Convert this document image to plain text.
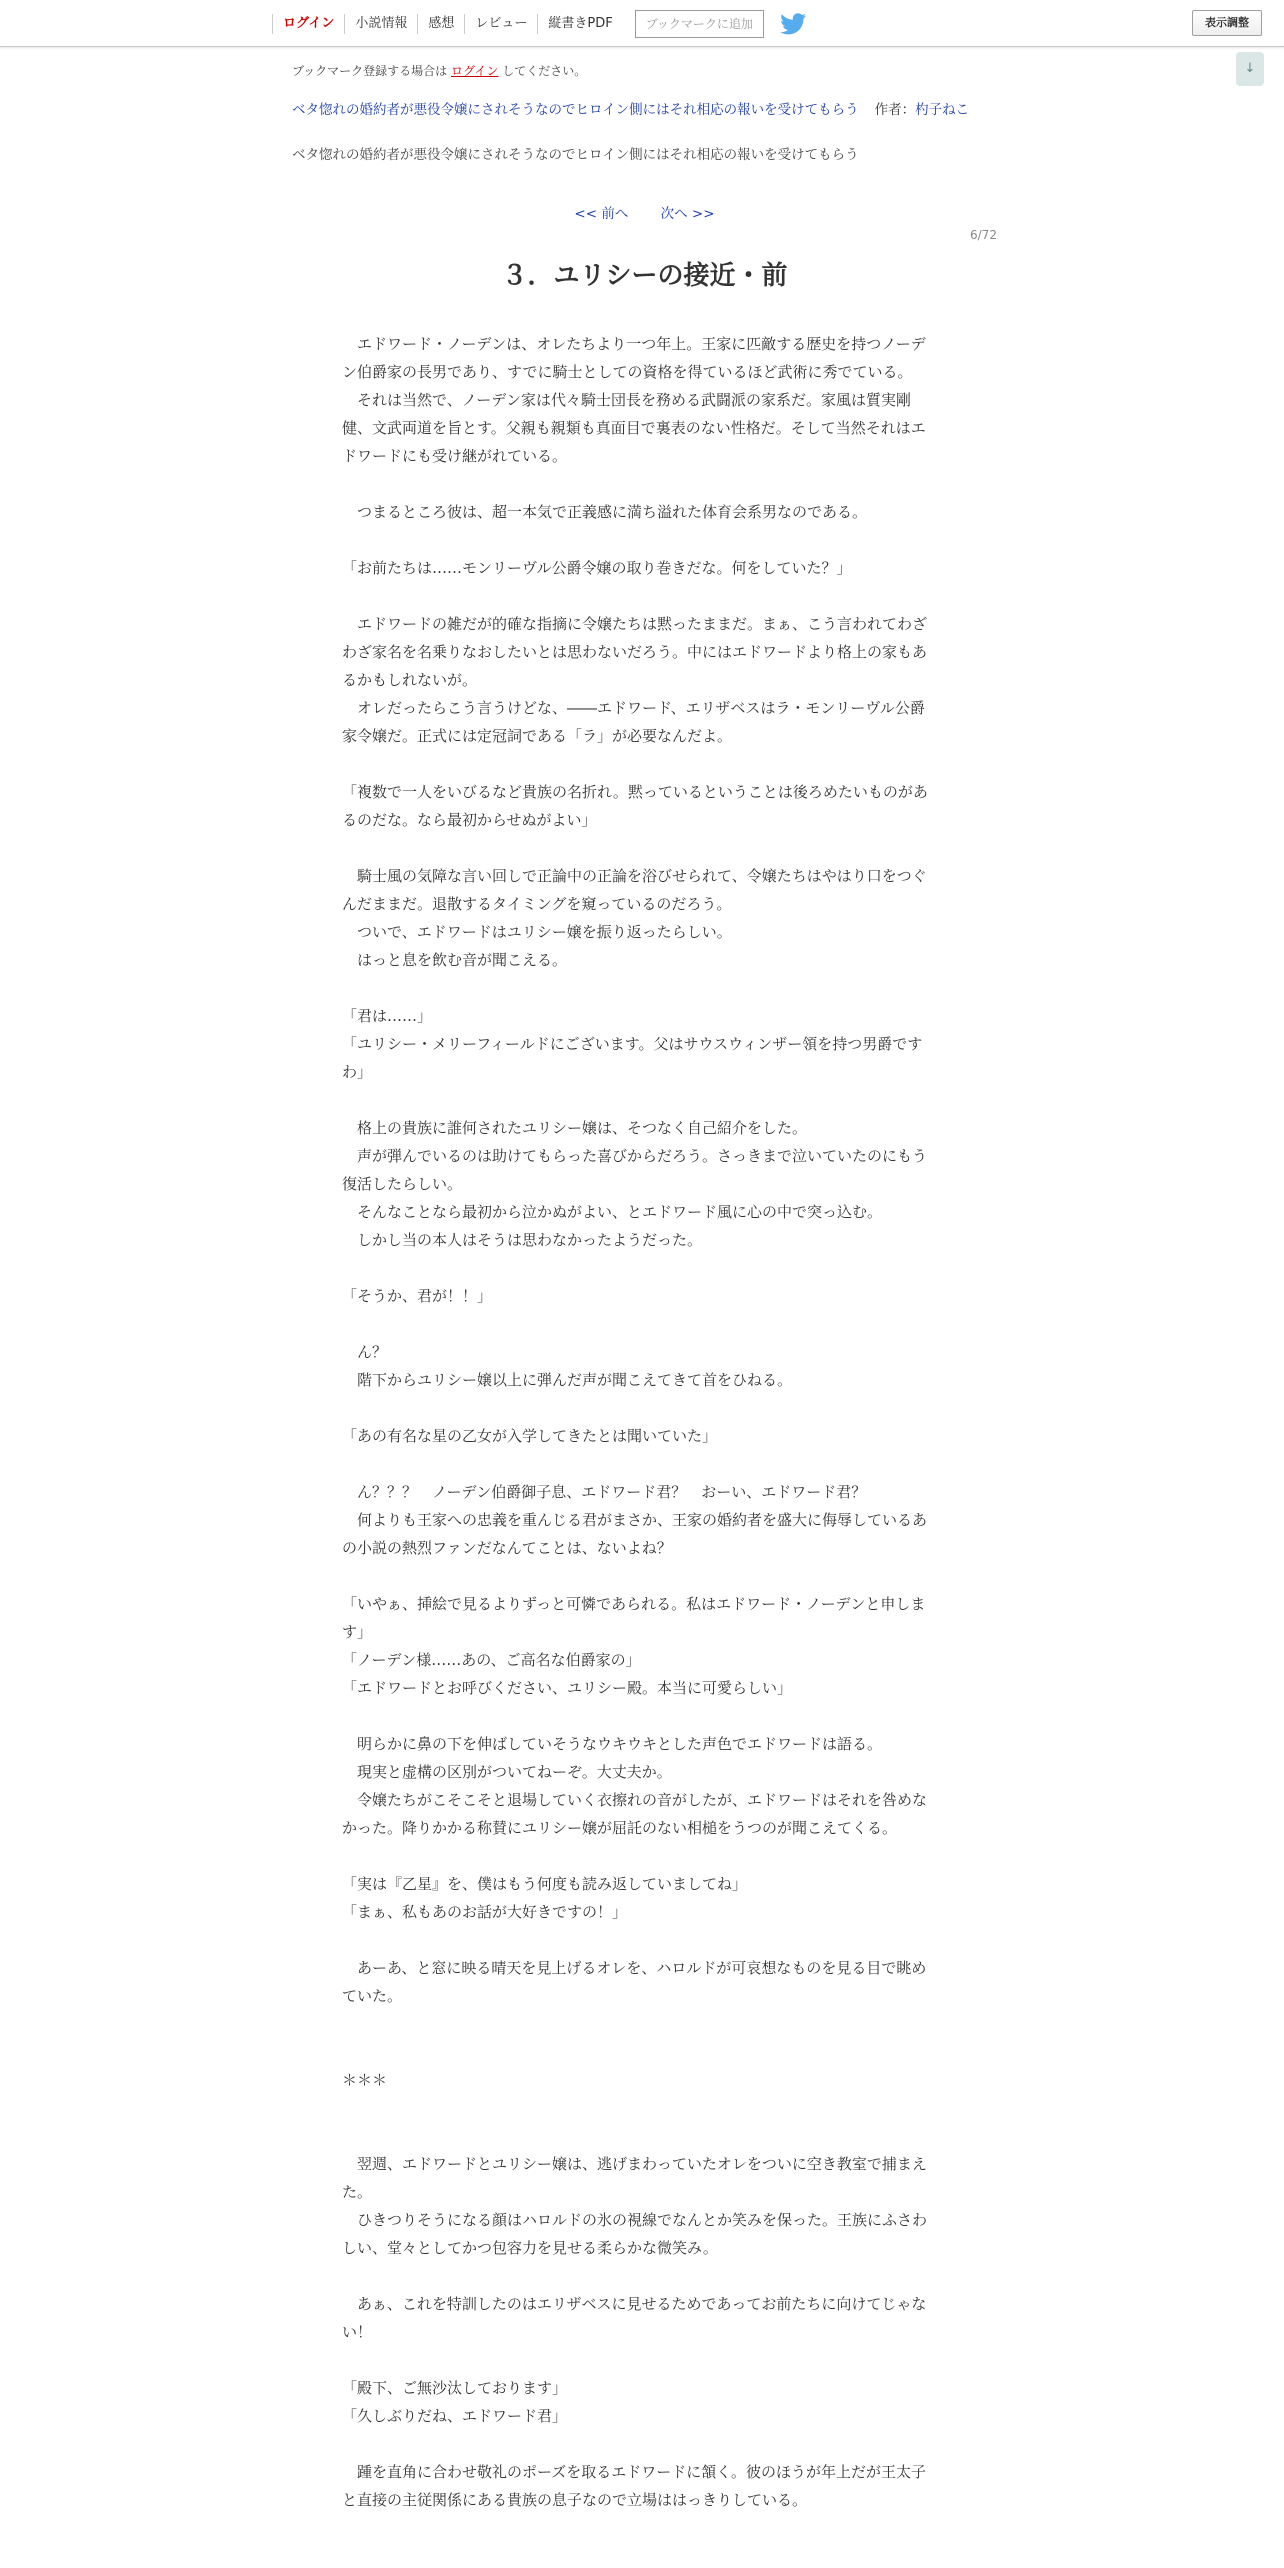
ログイン	小説情報	感想	レビュー	縦書きPDF	ブックマークに追加	表示調整
↓
ブックマーク登録する場合は ログイン してください。
ベタ惚れの婚約者が悪役令嬢にされそうなのでヒロイン側にはそれ相応の報いを受けてもらう 作者：杓子ねこ
ベタ惚れの婚約者が悪役令嬢にされそうなのでヒロイン側にはそれ相応の報いを受けてもらう
<< 前へ 次へ >>
6/72
３．ユリシーの接近・前

　エドワード・ノーデンは、オレたちより一つ年上。王家に匹敵する歴史を持つノーデン伯爵家の長男であり、すでに騎士としての資格を得ているほど武術に秀でている。

　それは当然で、ノーデン家は代々騎士団長を務める武闘派の家系だ。家風は質実剛健、文武両道を旨とす。父親も親類も真面目で裏表のない性格だ。そして当然それはエドワードにも受け継がれている。

　つまるところ彼は、超一本気で正義感に満ち溢れた体育会系男なのである。

「お前たちは……モンリーヴル公爵令嬢の取り巻きだな。何をしていた？」

　エドワードの雑だが的確な指摘に令嬢たちは黙ったままだ。まぁ、こう言われてわざわざ家名を名乗りなおしたいとは思わないだろう。中にはエドワードより格上の家もあるかもしれないが。

　オレだったらこう言うけどな、――エドワード、エリザベスはラ・モンリーヴル公爵家令嬢だ。正式には定冠詞である「ラ」が必要なんだよ。

「複数で一人をいびるなど貴族の名折れ。黙っているということは後ろめたいものがあるのだな。なら最初からせぬがよい」

　騎士風の気障な言い回しで正論中の正論を浴びせられて、令嬢たちはやはり口をつぐんだままだ。退散するタイミングを窺っているのだろう。

　ついで、エドワードはユリシー嬢を振り返ったらしい。

　はっと息を飲む音が聞こえる。

「君は……」

「ユリシー・メリーフィールドにございます。父はサウスウィンザー領を持つ男爵ですわ」

　格上の貴族に誰何されたユリシー嬢は、そつなく自己紹介をした。

　声が弾んでいるのは助けてもらった喜びからだろう。さっきまで泣いていたのにもう復活したらしい。

　そんなことなら最初から泣かぬがよい、とエドワード風に心の中で突っ込む。

　しかし当の本人はそうは思わなかったようだった。

「そうか、君が！！」

　ん？

　階下からユリシー嬢以上に弾んだ声が聞こえてきて首をひねる。

「あの有名な星の乙女が入学してきたとは聞いていた」

　ん？？？　ノーデン伯爵御子息、エドワード君？　おーい、エドワード君？

　何よりも王家への忠義を重んじる君がまさか、王家の婚約者を盛大に侮辱しているあの小説の熱烈ファンだなんてことは、ないよね？

「いやぁ、挿絵で見るよりずっと可憐であられる。私はエドワード・ノーデンと申します」

「ノーデン様……あの、ご高名な伯爵家の」

「エドワードとお呼びください、ユリシー殿。本当に可愛らしい」

　明らかに鼻の下を伸ばしていそうなウキウキとした声色でエドワードは語る。

　現実と虚構の区別がついてねーぞ。大丈夫か。

　令嬢たちがこそこそと退場していく衣擦れの音がしたが、エドワードはそれを咎めなかった。降りかかる称賛にユリシー嬢が屈託のない相槌をうつのが聞こえてくる。

「実は『乙星』を、僕はもう何度も読み返していましてね」

「まぁ、私もあのお話が大好きですの！」

　あーあ、と窓に映る晴天を見上げるオレを、ハロルドが可哀想なものを見る目で眺めていた。

＊＊＊

　翌週、エドワードとユリシー嬢は、逃げまわっていたオレをついに空き教室で捕まえた。

　ひきつりそうになる顔はハロルドの氷の視線でなんとか笑みを保った。王族にふさわしい、堂々としてかつ包容力を見せる柔らかな微笑み。

　あぁ、これを特訓したのはエリザベスに見せるためであってお前たちに向けてじゃない！

「殿下、ご無沙汰しております」

「久しぶりだね、エドワード君」

　踵を直角に合わせ敬礼のポーズを取るエドワードに頷く。彼のほうが年上だが王太子と直接の主従関係にある貴族の息子なので立場ははっきりしている。
